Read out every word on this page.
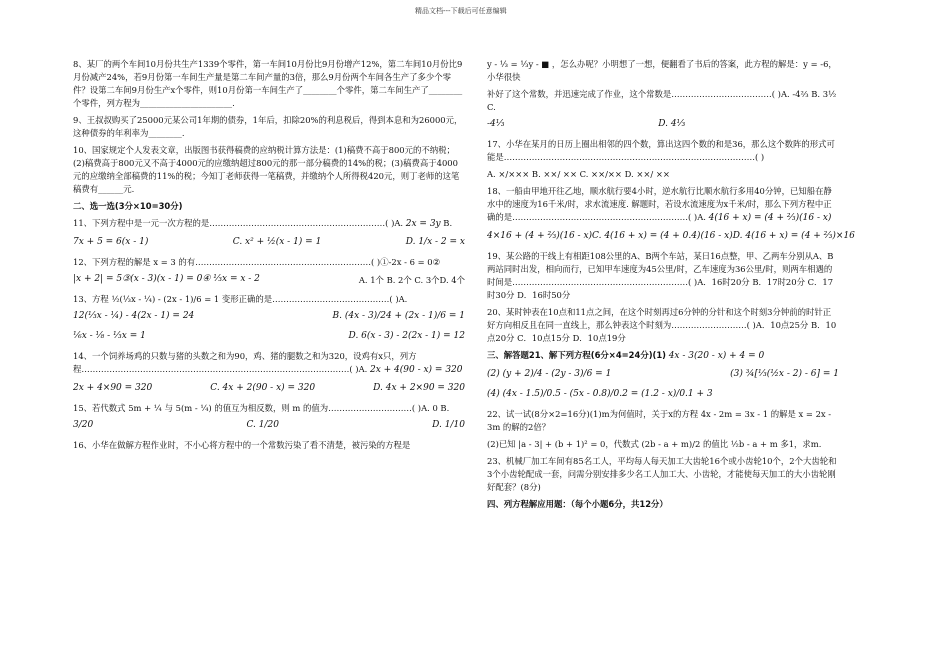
精品文档---下载后可任意编辑

8、某厂的两个车间10月份共生产1339个零件，第一车间10月份比9月份增产12%，第二车间10月份比9月份减产24%，若9月份第一车间生产量是第二车间产量的3倍，那么9月份两个车间各生产了多少个零件？设第二车间9月份生产x个零件，则10月份第一车间生产了________个零件，第二车间生产了________个零件，列方程为______________________.

9、王叔叔购买了25000元某公司1年期的债券，1年后，扣除20%的利息税后，得到本息和为26000元，这种债券的年利率为________.

10、国家规定个人发表文章，出版图书获得稿费的应纳税计算方法是：(1)稿费不高于800元的不纳税；(2)稿费高于800元又不高于4000元的应缴纳超过800元的那一部分稿费的14%的税；(3)稿费高于4000元的应缴纳全部稿费的11%的税；今知丁老师获得一笔稿费，并缴纳个人所得税420元，则丁老师的这笔稿费有______元.

二、选一选(3分×10=30分)

11、下列方程中是一元一次方程的是………………………………………………………( )A. 2x = 3y B.

7x + 5 = 6(x - 1)	C. x² + ½(x - 1) = 1	D. 1/x - 2 = x

12、下列方程的解是 x = 3 的有………………………………………………………( )①-2x - 6 = 0②

|x + 2| = 5③(x - 3)(x - 1) = 0④ ⅓x = x - 2	A. 1个 B. 2个 C. 3个D. 4个

13、方程 ½(⅓x - ¼) - (2x - 1)/6 = 1 变形正确的是……………………………………( )A.

12(⅓x - ¼) - 4(2x - 1) = 24	B. (4x - 3)/24 + (2x - 1)/6 = 1
⅙x - ⅛ - ⅓x = 1	D. 6(x - 3) - 2(2x - 1) = 12

14、一个饲养场鸡的只数与猪的头数之和为90，鸡、猪的腿数之和为320，设鸡有x只，列方程……………………………………………………………………………………( )A. 2x + 4(90 - x) = 320

2x + 4×90 = 320	C. 4x + 2(90 - x) = 320	D. 4x + 2×90 = 320

15、若代数式 5m + ¼ 与 5(m - ¼) 的值互为相反数，则 m 的值为…………………………( )A. 0 B.

3/20	C. 1/20	D. 1/10

16、小华在做解方程作业时，不小心将方程中的一个常数污染了看不清楚，被污染的方程是

y - ⅓ = ⅓y - ■ ，怎么办呢？小明想了一想，便翻看了书后的答案，此方程的解是：y = -6，小华很快

补好了这个常数，并迅速完成了作业，这个常数是………………………………( )A. -4⅔ B. 3½ C.

-4⅓	D. 4⅓

17、小华在某月的日历上圈出相邻的四个数，算出这四个数的和是36，那么这个数阵的形式可能是………………………………………………………………………………( )

A. ×/××× B. ××/ ×× C. ××/×× D. ××/ ××

18、一船由甲地开往乙地，顺水航行要4小时，逆水航行比顺水航行多用40分钟，已知船在静水中的速度为16千米/时，求水流速度. 解题时，若设水流速度为x千米/时，那么下列方程中正确的是………………………………………………………( )A. 4(16 + x) = (4 + ⅔)(16 - x)

4×16 + (4 + ⅔)(16 - x) C. 4(16 + x) = (4 + 0.4)(16 - x) D. 4(16 + x) = (4 + ⅔)×16

19、某公路的干线上有相距108公里的A、B两个车站，某日16点整，甲、乙两车分别从A、B两站同时出发，相向而行，已知甲车速度为45公里/时，乙车速度为36公里/时，则两车相遇的时间是………………………………………………………( )A．16时20分 B．17时20分 C．17时30分 D．16时50分

20、某时钟表在10点和11点之间，在这个时刻再过6分钟的分针和这个时刻3分钟前的时针正好方向相反且在同一直线上，那么钟表这个时刻为………………………( )A．10点25分 B．10点20分 C．10点15分 D．10点19分

三、解答题21、解下列方程(6分×4=24分)(1) 4x - 3(20 - x) + 4 = 0

(2) (y + 2)/4 - (2y - 3)/6 = 1	(3) ¾[⅓(½x - 2) - 6] = 1
(4) (4x - 1.5)/0.5 - (5x - 0.8)/0.2 = (1.2 - x)/0.1 + 3

22、试一试(8分×2=16分)(1)m为何值时，关于x的方程 4x - 2m = 3x - 1 的解是 x = 2x - 3m 的解的2倍？

(2)已知 |a - 3| + (b + 1)² = 0，代数式 (2b - a + m)/2 的值比 ½b - a + m 多1，求m.

23、机械厂加工车间有85名工人，平均每人每天加工大齿轮16个或小齿轮10个，2个大齿轮和3个小齿轮配成一套，问需分别安排多少名工人加工大、小齿轮，才能使每天加工的大小齿轮刚好配套？(8分)

四、列方程解应用题：（每个小题6分，共12分）
